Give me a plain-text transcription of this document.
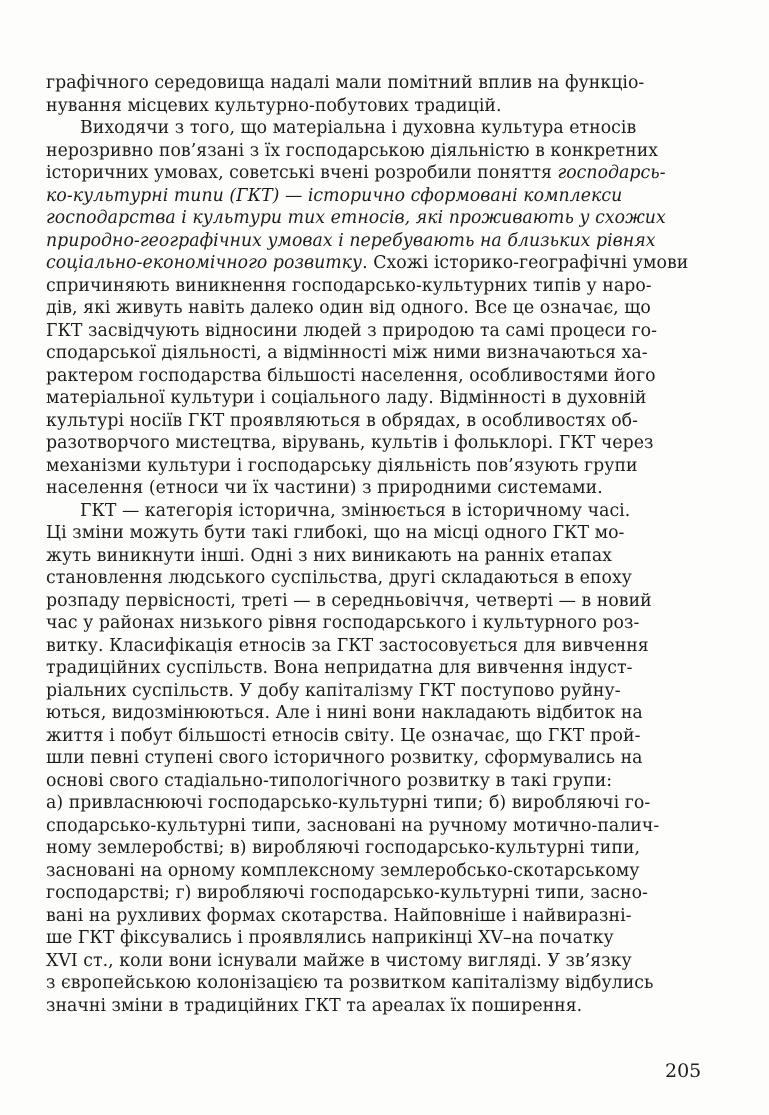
графічного середовища надалі мали помітний вплив на функціо-
нування місцевих культурно-побутових традицій.
Виходячи з того, що матеріальна і духовна культура етносів
нерозривно пов’язані з їх господарською діяльністю в конкретних
історичних умовах, советські вчені розробили поняття господарсь-
ко-культурні типи (ГКТ) — історично сформовані комплекси
господарства і культури тих етносів, які проживають у схожих
природно-географічних умовах і перебувають на близьких рівнях
соціально-економічного розвитку. Схожі історико-географічні умови
спричиняють виникнення господарсько-культурних типів у наро-
дів, які живуть навіть далеко один від одного. Все це означає, що
ГКТ засвідчують відносини людей з природою та самі процеси го-
сподарської діяльності, а відмінності між ними визначаються ха-
рактером господарства більшості населення, особливостями його
матеріальної культури і соціального ладу. Відмінності в духовній
культурі носіїв ГКТ проявляються в обрядах, в особливостях об-
разотворчого мистецтва, вірувань, культів і фольклорі. ГКТ через
механізми культури і господарську діяльність пов’язують групи
населення (етноси чи їх частини) з природними системами.
ГКТ — категорія історична, змінюється в історичному часі.
Ці зміни можуть бути такі глибокі, що на місці одного ГКТ мо-
жуть виникнути інші. Одні з них виникають на ранніх етапах
становлення людського суспільства, другі складаються в епоху
розпаду первісності, треті — в середньовіччя, четверті — в новий
час у районах низького рівня господарського і культурного роз-
витку. Класифікація етносів за ГКТ застосовується для вивчення
традиційних суспільств. Вона непридатна для вивчення індуст-
ріальних суспільств. У добу капіталізму ГКТ поступово руйну-
ються, видозмінюються. Але і нині вони накладають відбиток на
життя і побут більшості етносів світу. Це означає, що ГКТ прой-
шли певні ступені свого історичного розвитку, сформувались на
основі свого стадіально-типологічного розвитку в такі групи:
а) привласнюючі господарсько-культурні типи; б) виробляючі го-
сподарсько-культурні типи, засновані на ручному мотично-палич-
ному землеробстві; в) виробляючі господарсько-культурні типи,
засновані на орному комплексному землеробсько-скотарському
господарстві; г) виробляючі господарсько-культурні типи, засно-
вані на рухливих формах скотарства. Найповніше і найвиразні-
ше ГКТ фіксувались і проявлялись наприкінці XV–на початку
XVI ст., коли вони існували майже в чистому вигляді. У зв’язку
з європейською колонізацією та розвитком капіталізму відбулись
значні зміни в традиційних ГКТ та ареалах їх поширення.
205
